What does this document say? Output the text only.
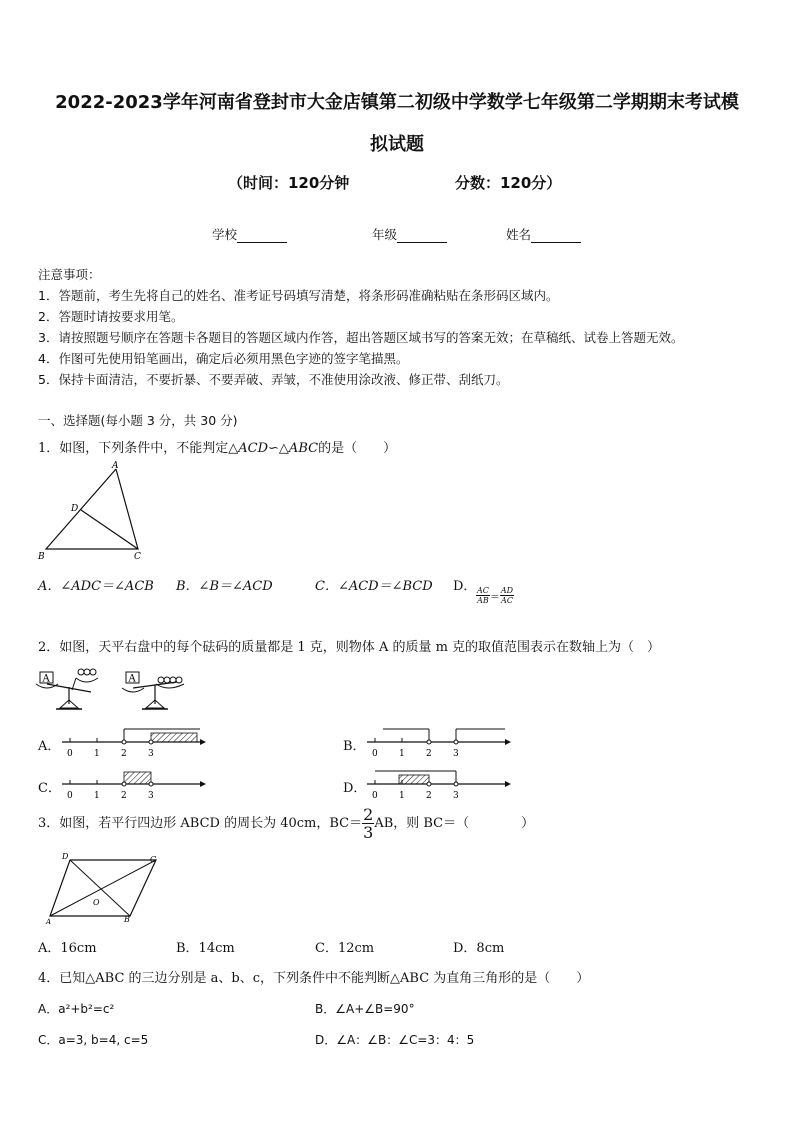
2022-2023学年河南省登封市大金店镇第二初级中学数学七年级第二学期期末考试模
拟试题
（时间：120分钟	分数：120分）
学校	年级	姓名
注意事项：
1．答题前，考生先将自己的姓名、准考证号码填写清楚，将条形码准确粘贴在条形码区域内。
2．答题时请按要求用笔。
3．请按照题号顺序在答题卡各题目的答题区域内作答，超出答题区域书写的答案无效；在草稿纸、试卷上答题无效。
4．作图可先使用铅笔画出，确定后必须用黑色字迹的签字笔描黑。
5．保持卡面清洁，不要折暴、不要弄破、弄皱，不准使用涂改液、修正带、刮纸刀。
一、选择题(每小题 3 分，共 30 分)
1．如图，下列条件中，不能判定△ACD∽△ABC的是（　　）
A
D
B	C
A．∠ADC＝∠ACB B．∠B＝∠ACD	C．∠ACD＝∠BCD D． $\frac{AC}{AB} = \frac{AD}{AC}$
2．如图，天平右盘中的每个砝码的质量都是 1 克，则物体 A 的质量 m 克的取值范围表示在数轴上为（　）
A	A
A．	B．
C．	D．
0 1 2 3	0 1 2 3
0 1 2 3	0 1 2 3
3．如图，若平行四边形 ABCD 的周长为 40cm，$BC= \frac{2}{3}$ AB，则 BC＝（　　　　）
D	C
A	B
O
A．16cm	B．14cm	C．12cm	D．8cm
4．已知△ABC 的三边分别是 a、b、c，下列条件中不能判断△ABC 为直角三角形的是（　　）
A．a²+b²=c²	B．∠A+∠B=90°
C．a=3, b=4, c=5	D．∠A：∠B：∠C=3：4：5
